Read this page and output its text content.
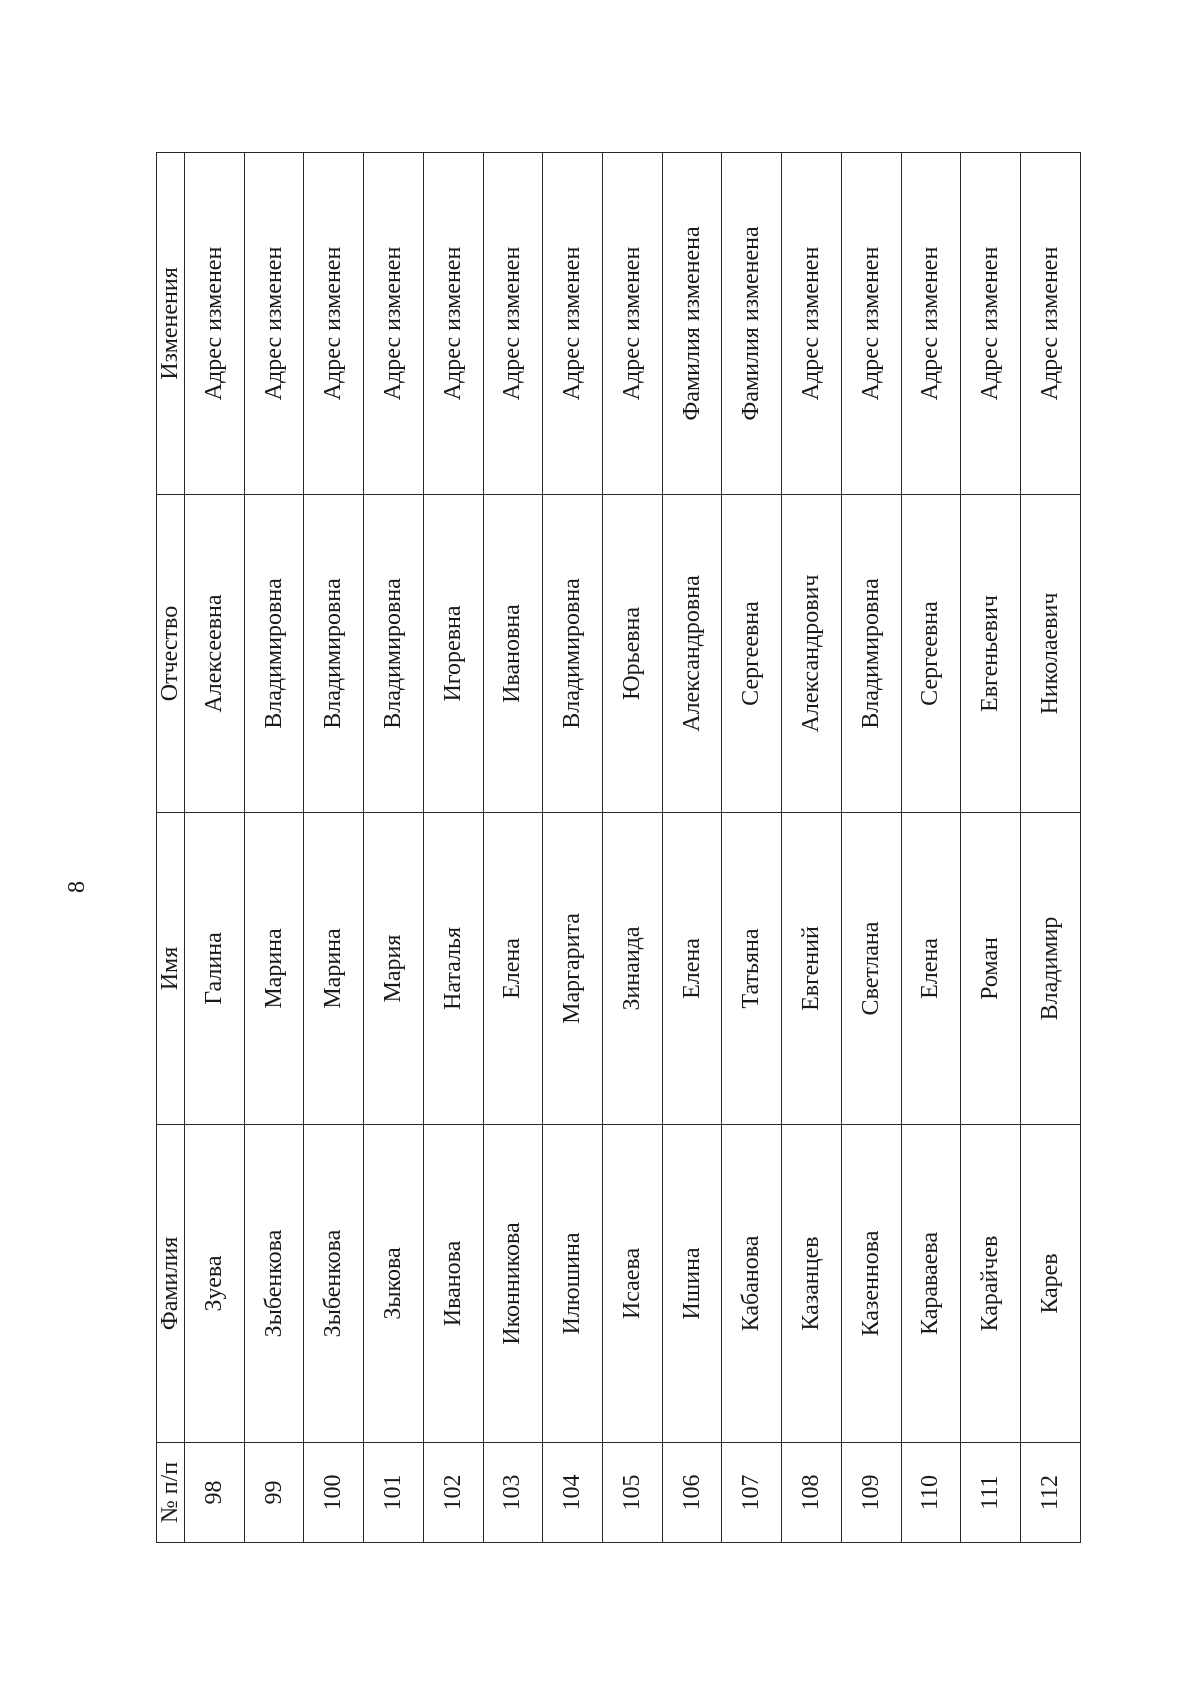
8
№ п/п	Фамилия	Имя	Отчество	Изменения
98	Зуева	Галина	Алексеевна	Адрес изменен
99	Зыбенкова	Марина	Владимировна	Адрес изменен
100	Зыбенкова	Марина	Владимировна	Адрес изменен
101	Зыкова	Мария	Владимировна	Адрес изменен
102	Иванова	Наталья	Игоревна	Адрес изменен
103	Иконникова	Елена	Ивановна	Адрес изменен
104	Илюшина	Маргарита	Владимировна	Адрес изменен
105	Исаева	Зинаида	Юрьевна	Адрес изменен
106	Ишина	Елена	Александровна	Фамилия изменена
107	Кабанова	Татьяна	Сергеевна	Фамилия изменена
108	Казанцев	Евгений	Александрович	Адрес изменен
109	Казеннова	Светлана	Владимировна	Адрес изменен
110	Караваева	Елена	Сергеевна	Адрес изменен
111	Карайчев	Роман	Евгеньевич	Адрес изменен
112	Карев	Владимир	Николаевич	Адрес изменен
